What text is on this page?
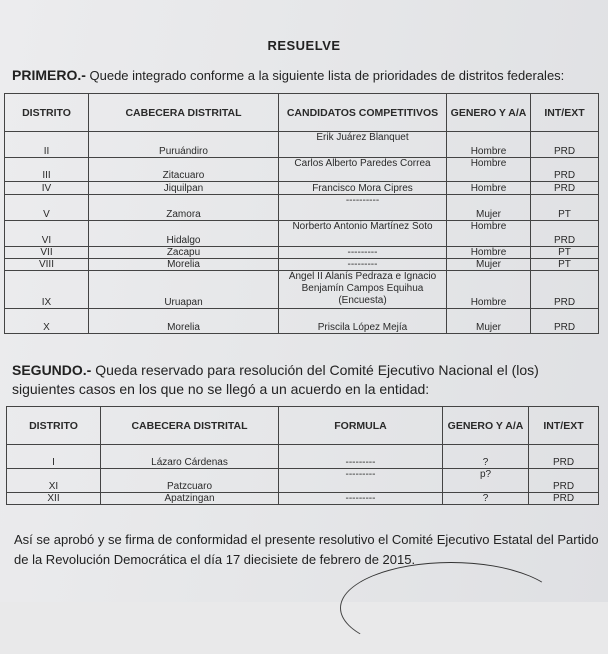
RESUELVE
PRIMERO.- Quede integrado conforme a la siguiente lista de prioridades de distritos federales:
DISTRITO	CABECERA DISTRITAL	CANDIDATOS COMPETITIVOS	GENERO Y A/A	INT/EXT
II	Puruándiro	Erik Juárez Blanquet	Hombre	PRD
III	Zitacuaro	Carlos Alberto Paredes Correa	Hombre	PRD
IV	Jiquilpan	Francisco Mora Cipres	Hombre	PRD
V	Zamora	----------	Mujer	PT
VI	Hidalgo	Norberto Antonio Martínez Soto	Hombre	PRD
VII	Zacapu	---------	Hombre	PT
VIII	Morelia	---------	Mujer	PT
IX	Uruapan	Ángel II Alanís Pedraza e Ignacio Benjamín Campos Equihua (Encuesta)	Hombre	PRD
X	Morelia	Priscila López Mejía	Mujer	PRD
SEGUNDO.- Queda reservado para resolución del Comité Ejecutivo Nacional el (los) siguientes casos en los que no se llegó a un acuerdo en la entidad:
DISTRITO	CABECERA DISTRITAL	FORMULA	GENERO Y A/A	INT/EXT
I	Lázaro Cárdenas	---------	?	PRD
XI	Patzcuaro	---------	p?	PRD
XII	Apatzingan	---------	?	PRD
Así se aprobó y se firma de conformidad el presente resolutivo el Comité Ejecutivo Estatal del Partido de la Revolución Democrática el día 17 diecisiete de febrero de 2015.
